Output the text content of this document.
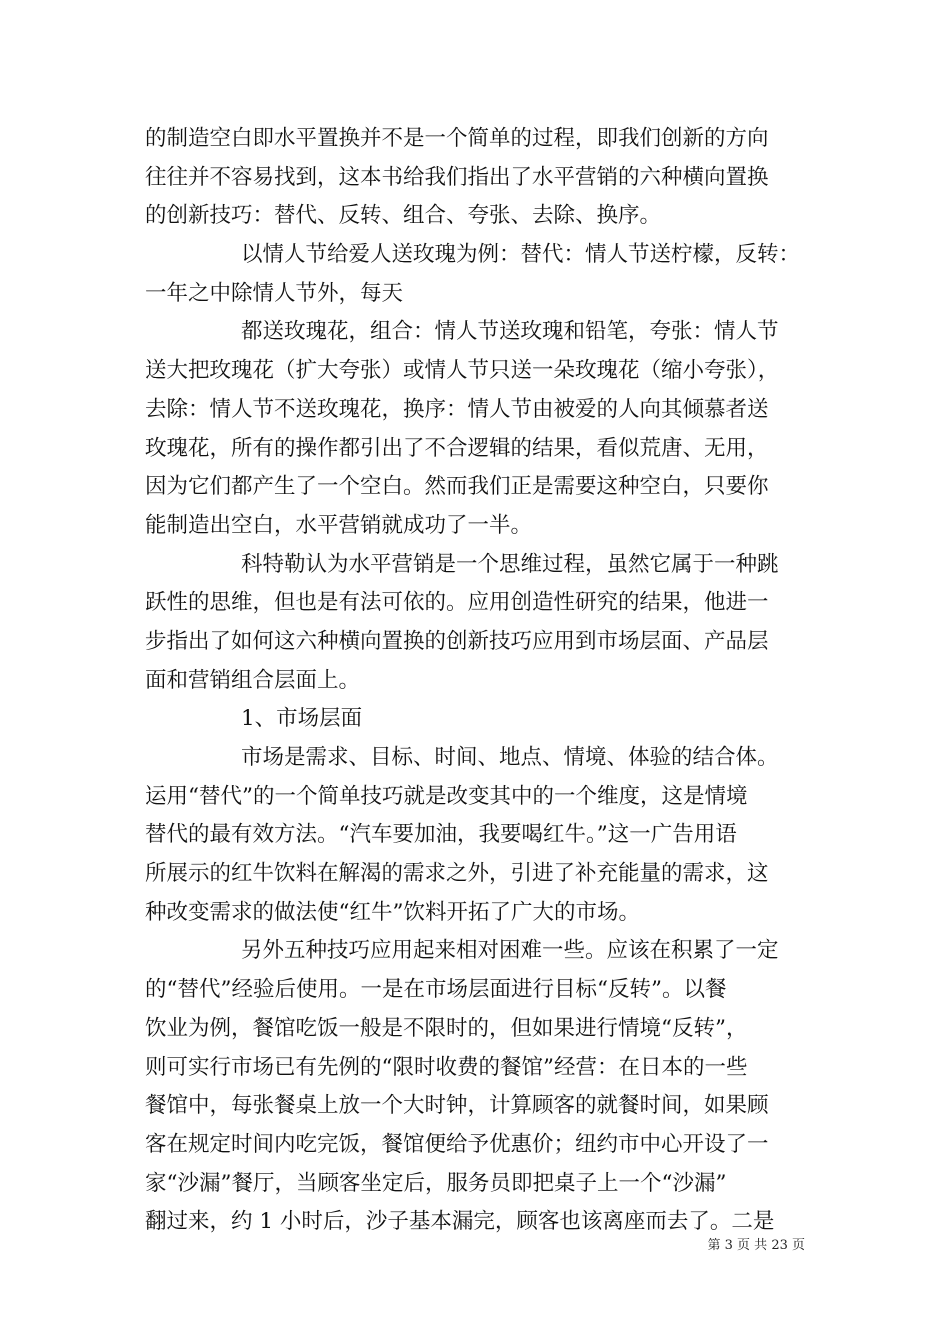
的制造空白即水平置换并不是一个简单的过程，即我们创新的方向
往往并不容易找到，这本书给我们指出了水平营销的六种横向置换
的创新技巧：替代、反转、组合、夸张、去除、换序。
以情人节给爱人送玫瑰为例：替代：情人节送柠檬，反转：
一年之中除情人节外，每天
都送玫瑰花，组合：情人节送玫瑰和铅笔，夸张：情人节
送大把玫瑰花（扩大夸张）或情人节只送一朵玫瑰花（缩小夸张），
去除：情人节不送玫瑰花，换序：情人节由被爱的人向其倾慕者送
玫瑰花，所有的操作都引出了不合逻辑的结果，看似荒唐、无用，
因为它们都产生了一个空白。然而我们正是需要这种空白，只要你
能制造出空白，水平营销就成功了一半。
科特勒认为水平营销是一个思维过程，虽然它属于一种跳
跃性的思维，但也是有法可依的。应用创造性研究的结果，他进一
步指出了如何这六种横向置换的创新技巧应用到市场层面、产品层
面和营销组合层面上。
1、市场层面
市场是需求、目标、时间、地点、情境、体验的结合体。
运用“替代”的一个简单技巧就是改变其中的一个维度，这是情境
替代的最有效方法。“汽车要加油，我要喝红牛。”这一广告用语
所展示的红牛饮料在解渴的需求之外，引进了补充能量的需求，这
种改变需求的做法使“红牛”饮料开拓了广大的市场。
另外五种技巧应用起来相对困难一些。应该在积累了一定
的“替代”经验后使用。一是在市场层面进行目标“反转”。以餐
饮业为例，餐馆吃饭一般是不限时的，但如果进行情境“反转”，
则可实行市场已有先例的“限时收费的餐馆”经营：在日本的一些
餐馆中，每张餐桌上放一个大时钟，计算顾客的就餐时间，如果顾
客在规定时间内吃完饭，餐馆便给予优惠价；纽约市中心开设了一
家“沙漏”餐厅，当顾客坐定后，服务员即把桌子上一个“沙漏”
翻过来，约 1 小时后，沙子基本漏完，顾客也该离座而去了。二是
第 3 页 共 23 页
